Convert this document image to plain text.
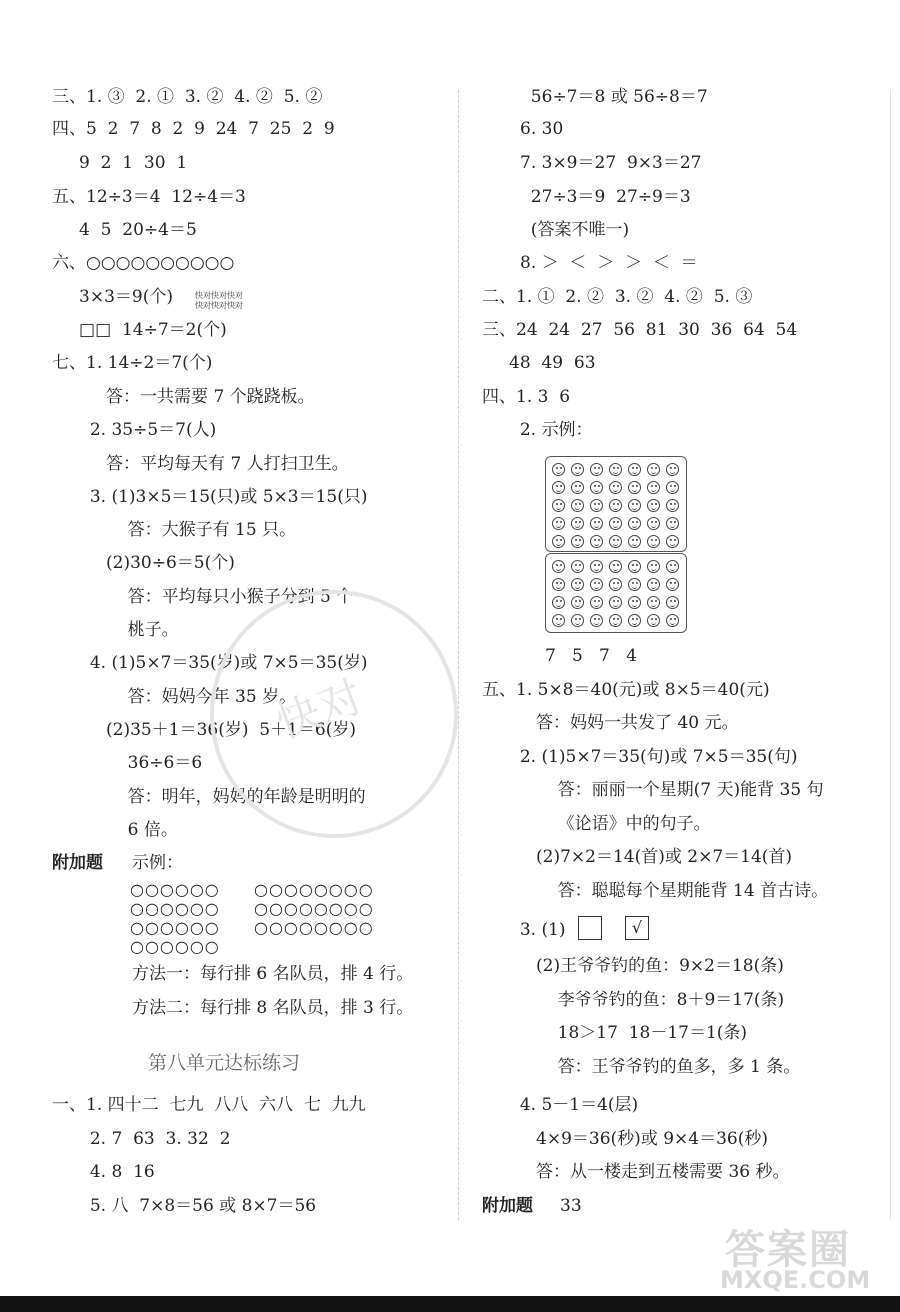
三、1. ③  2. ①  3. ②  4. ②  5. ②
四、5  2  7  8  2  9  24  7  25  2  9
9  2  1  30  1
五、12÷3＝4  12÷4＝3
4  5  20÷4＝5
六、○○○○○○○○○○
3×3＝9(个)
□□  14÷7＝2(个)
七、1. 14÷2＝7(个)
答：一共需要 7 个跷跷板。
2. 35÷5＝7(人)
答：平均每天有 7 人打扫卫生。
3. (1)3×5＝15(只)或 5×3＝15(只)
答：大猴子有 15 只。
(2)30÷6＝5(个)
答：平均每只小猴子分到 5 个
桃子。
4. (1)5×7＝35(岁)或 7×5＝35(岁)
答：妈妈今年 35 岁。
(2)35＋1＝36(岁)  5＋1＝6(岁)
36÷6＝6
答：明年，妈妈的年龄是明明的
6 倍。
快对快对快对
快对快对快对
附加题 示例：
○○○○○○
○○○○○○
○○○○○○
○○○○○○
○○○○○○○○
○○○○○○○○
○○○○○○○○
方法一：每行排 6 名队员，排 4 行。
方法二：每行排 8 名队员，排 3 行。
第八单元达标练习
一、1. 四十二  七九  八八  六八  七  九九
2. 7  63  3. 32  2
4. 8  16
5. 八  7×8＝56 或 8×7＝56
快对
56÷7＝8 或 56÷8＝7
6. 30
7. 3×9＝27  9×3＝27
27÷3＝9  27÷9＝3
(答案不唯一)
8. ＞  ＜  ＞  ＞  ＜  ＝
二、1. ①  2. ②  3. ②  4. ②  5. ③
三、24  24  27  56  81  30  36  64  54
48  49  63
四、1. 3  6
2. 示例：
7   5   7   4
五、1. 5×8＝40(元)或 8×5＝40(元)
答：妈妈一共发了 40 元。
2. (1)5×7＝35(句)或 7×5＝35(句)
答：丽丽一个星期(7 天)能背 35 句
《论语》中的句子。
(2)7×2＝14(首)或 2×7＝14(首)
答：聪聪每个星期能背 14 首古诗。
3. (1)	√
(2)王爷爷钓的鱼：9×2＝18(条)
李爷爷钓的鱼：8＋9＝17(条)
18＞17  18－17＝1(条)
答：王爷爷钓的鱼多，多 1 条。
4. 5－1＝4(层)
4×9＝36(秒)或 9×4＝36(秒)
答：从一楼走到五楼需要 36 秒。
附加题 33
答案圈
MXQE.COM
